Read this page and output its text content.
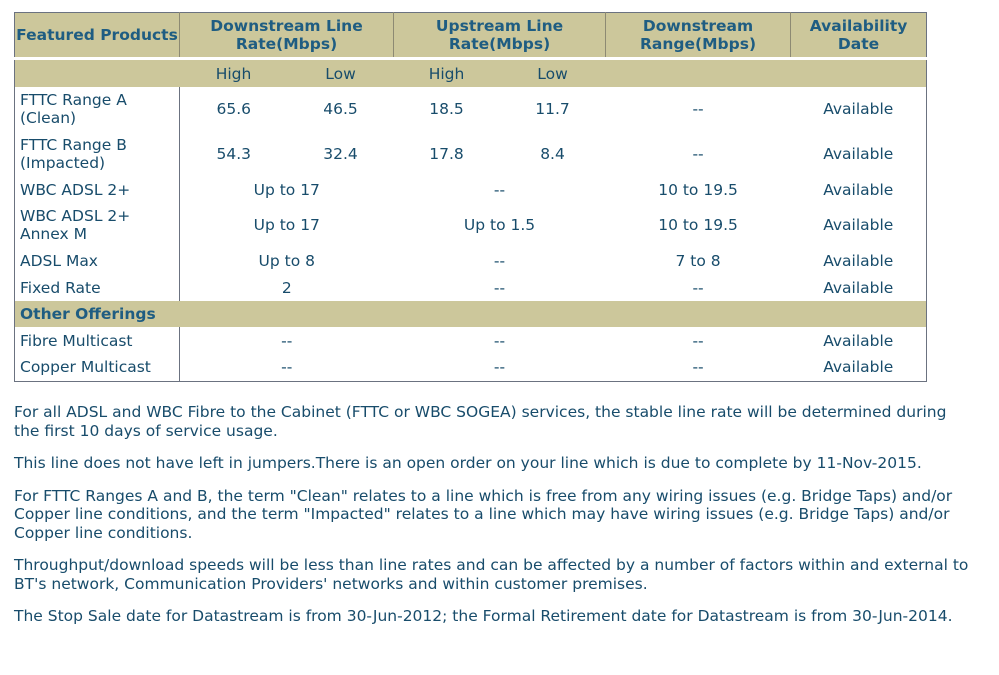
Featured Products	Downstream Line Rate(Mbps)		Upstream Line Rate(Mbps)		Downstream Range(Mbps)	Availability Date
	High	Low	High	Low		
FTTC Range A (Clean)	65.6	46.5	18.5	11.7	--	Available
FTTC Range B (Impacted)	54.3	32.4	17.8	8.4	--	Available
WBC ADSL 2+	Up to 17		--		10 to 19.5	Available
WBC ADSL 2+ Annex M	Up to 17		Up to 1.5		10 to 19.5	Available
ADSL Max	Up to 8		--		7 to 8	Available
Fixed Rate	2		--		--	Available
Other Offerings						
Fibre Multicast	--		--		--	Available
Copper Multicast	--		--		--	Available

For all ADSL and WBC Fibre to the Cabinet (FTTC or WBC SOGEA) services, the stable line rate will be determined during the first 10 days of service usage.

This line does not have left in jumpers.There is an open order on your line which is due to complete by 11-Nov-2015.

For FTTC Ranges A and B, the term "Clean" relates to a line which is free from any wiring issues (e.g. Bridge Taps) and/or Copper line conditions, and the term "Impacted" relates to a line which may have wiring issues (e.g. Bridge Taps) and/or Copper line conditions.

Throughput/download speeds will be less than line rates and can be affected by a number of factors within and external to BT's network, Communication Providers' networks and within customer premises.

The Stop Sale date for Datastream is from 30-Jun-2012; the Formal Retirement date for Datastream is from 30-Jun-2014.
